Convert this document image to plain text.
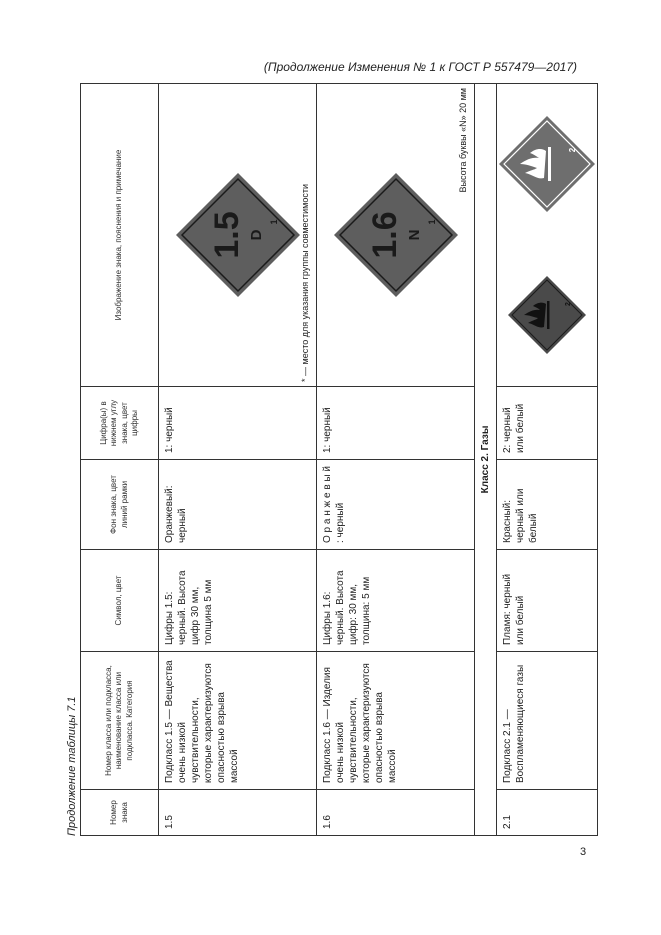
(Продолжение Изменения № 1 к ГОСТ Р 557479—2017)
Продолжение таблицы 7.1	Номер знака	Номер класса или подкласса, наименование класса или подкласса. Категория	Символ, цвет	Фон знака, цвет линий рамки	Цифра(ы) в нижнем углу знака, цвет цифры	Изображение знака, пояснения и примечание
1.5	Подкласс 1.5 — Вещества очень низкой чувствительности, которые характеризуются опасностью взрыва массой	Цифры 1.5: черный. Высота цифр 30 мм, толщина 5 мм	Оранжевый: черный	1: черный	1.5 D
1 * — место для указания группы совместимости

1.6	Подкласс 1.6 — Изделия очень низкой чувствительности, которые характеризуются опасностью взрыва массой	Цифры 1.6: черный. Высота цифр: 30 мм, толщина: 5 мм	О р а н ж е в ы й : черный	1: черный	1.6 N
1
Высота буквы «N» 20 мм

Класс 2. Газы					
2.1	Подкласс 2.1 — Воспламеняющиеся газы	Пламя: черный или белый	Красный: черный или белый	2: черный или белый	2
2
3
